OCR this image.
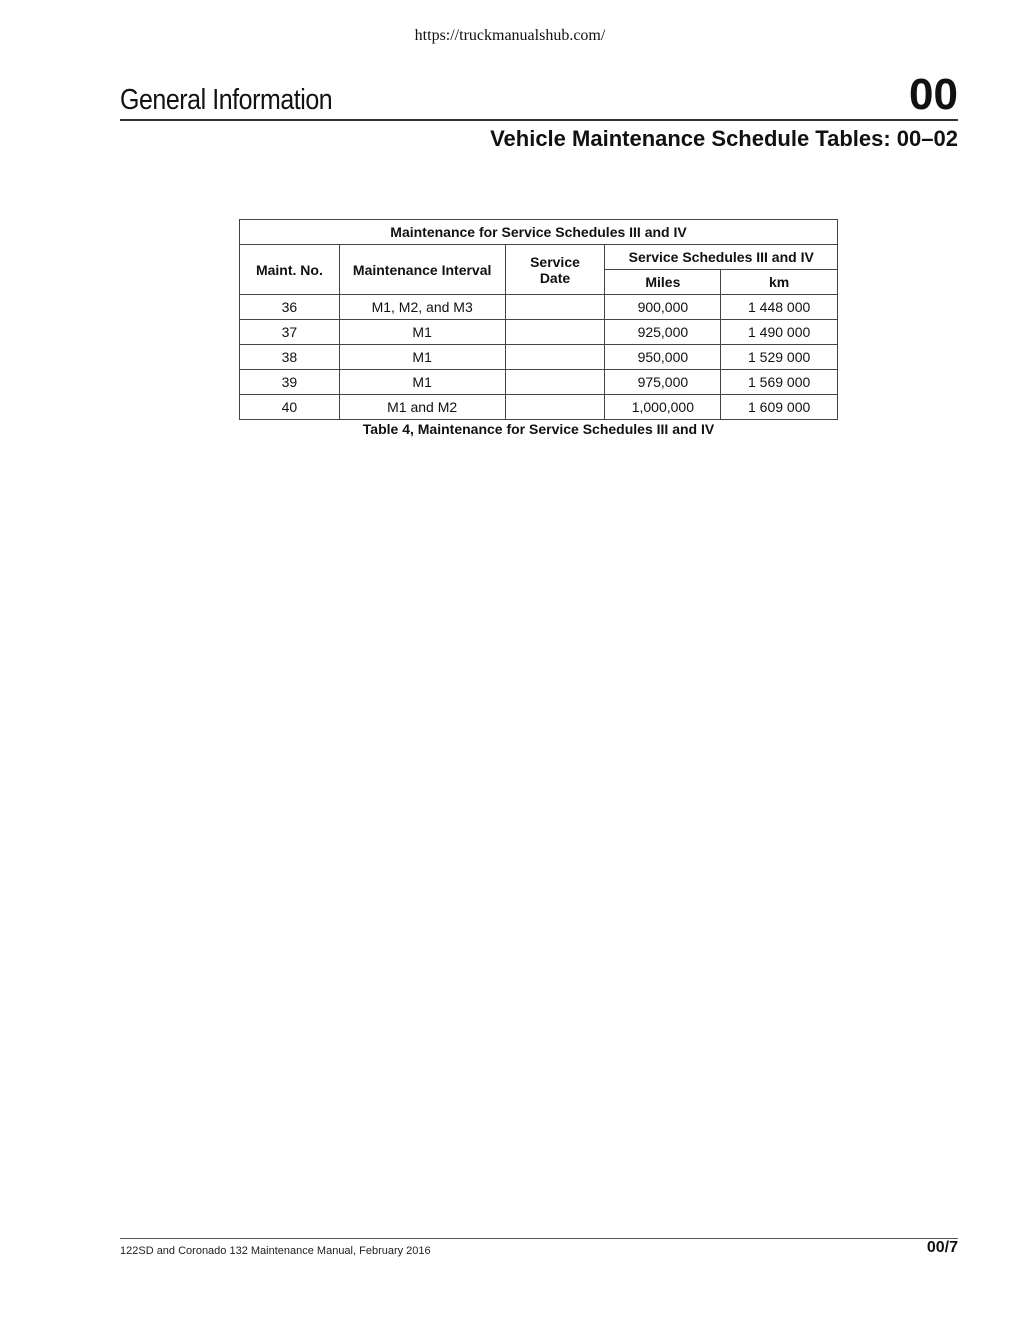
https://truckmanualshub.com/
General Information	00
Vehicle Maintenance Schedule Tables: 00–02
Maintenance for Service Schedules III and IV				
Maint. No.	Maintenance Interval	Service Date	Service Schedules III and IV	
			Miles	km
36	M1, M2, and M3		900,000	1 448 000
37	M1		925,000	1 490 000
38	M1		950,000	1 529 000
39	M1		975,000	1 569 000
40	M1 and M2		1,000,000	1 609 000
Table 4, Maintenance for Service Schedules III and IV
122SD and Coronado 132 Maintenance Manual, February 2016	00/7
